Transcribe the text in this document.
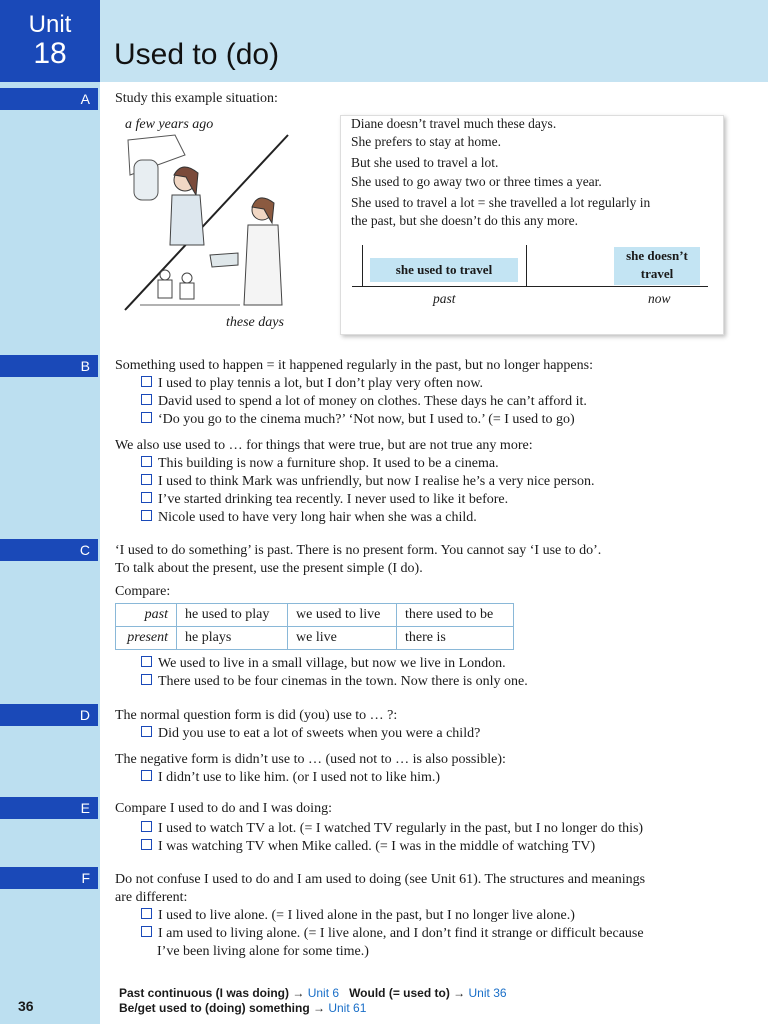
Unit
18	Used to (do)
A
B
C
D
E
F
Study this example situation:
a few years ago
these days
Diane doesn’t travel much these days.
She prefers to stay at home.
But she used to travel a lot.
She used to go away two or three times a year.
She used to travel a lot = she travelled a lot regularly in
the past, but she doesn’t do this any more.
she used to travel
she doesn’t
travel
past	now
Something used to happen = it happened regularly in the past, but no longer happens:
I used to play tennis a lot, but I don’t play very often now.
David used to spend a lot of money on clothes. These days he can’t afford it.
‘Do you go to the cinema much?’ ‘Not now, but I used to.’ (= I used to go)
We also use used to … for things that were true, but are not true any more:
This building is now a furniture shop. It used to be a cinema.
I used to think Mark was unfriendly, but now I realise he’s a very nice person.
I’ve started drinking tea recently. I never used to like it before.
Nicole used to have very long hair when she was a child.
‘I used to do something’ is past. There is no present form. You cannot say ‘I use to do’.
To talk about the present, use the present simple (I do).
Compare:
past	he used to play	we used to live	there used to be
present	he plays	we live	there is
We used to live in a small village, but now we live in London.
There used to be four cinemas in the town. Now there is only one.
The normal question form is did (you) use to … ?:
Did you use to eat a lot of sweets when you were a child?
The negative form is didn’t use to … (used not to … is also possible):
I didn’t use to like him. (or I used not to like him.)
Compare I used to do and I was doing:
I used to watch TV a lot. (= I watched TV regularly in the past, but I no longer do this)
I was watching TV when Mike called. (= I was in the middle of watching TV)
Do not confuse I used to do and I am used to doing (see Unit 61). The structures and meanings
are different:
I used to live alone. (= I lived alone in the past, but I no longer live alone.)
I am used to living alone. (= I live alone, and I don’t find it strange or difficult because
I’ve been living alone for some time.)
Past continuous (I was doing) → Unit 6 Would (= used to) → Unit 36
Be/get used to (doing) something → Unit 61
36
